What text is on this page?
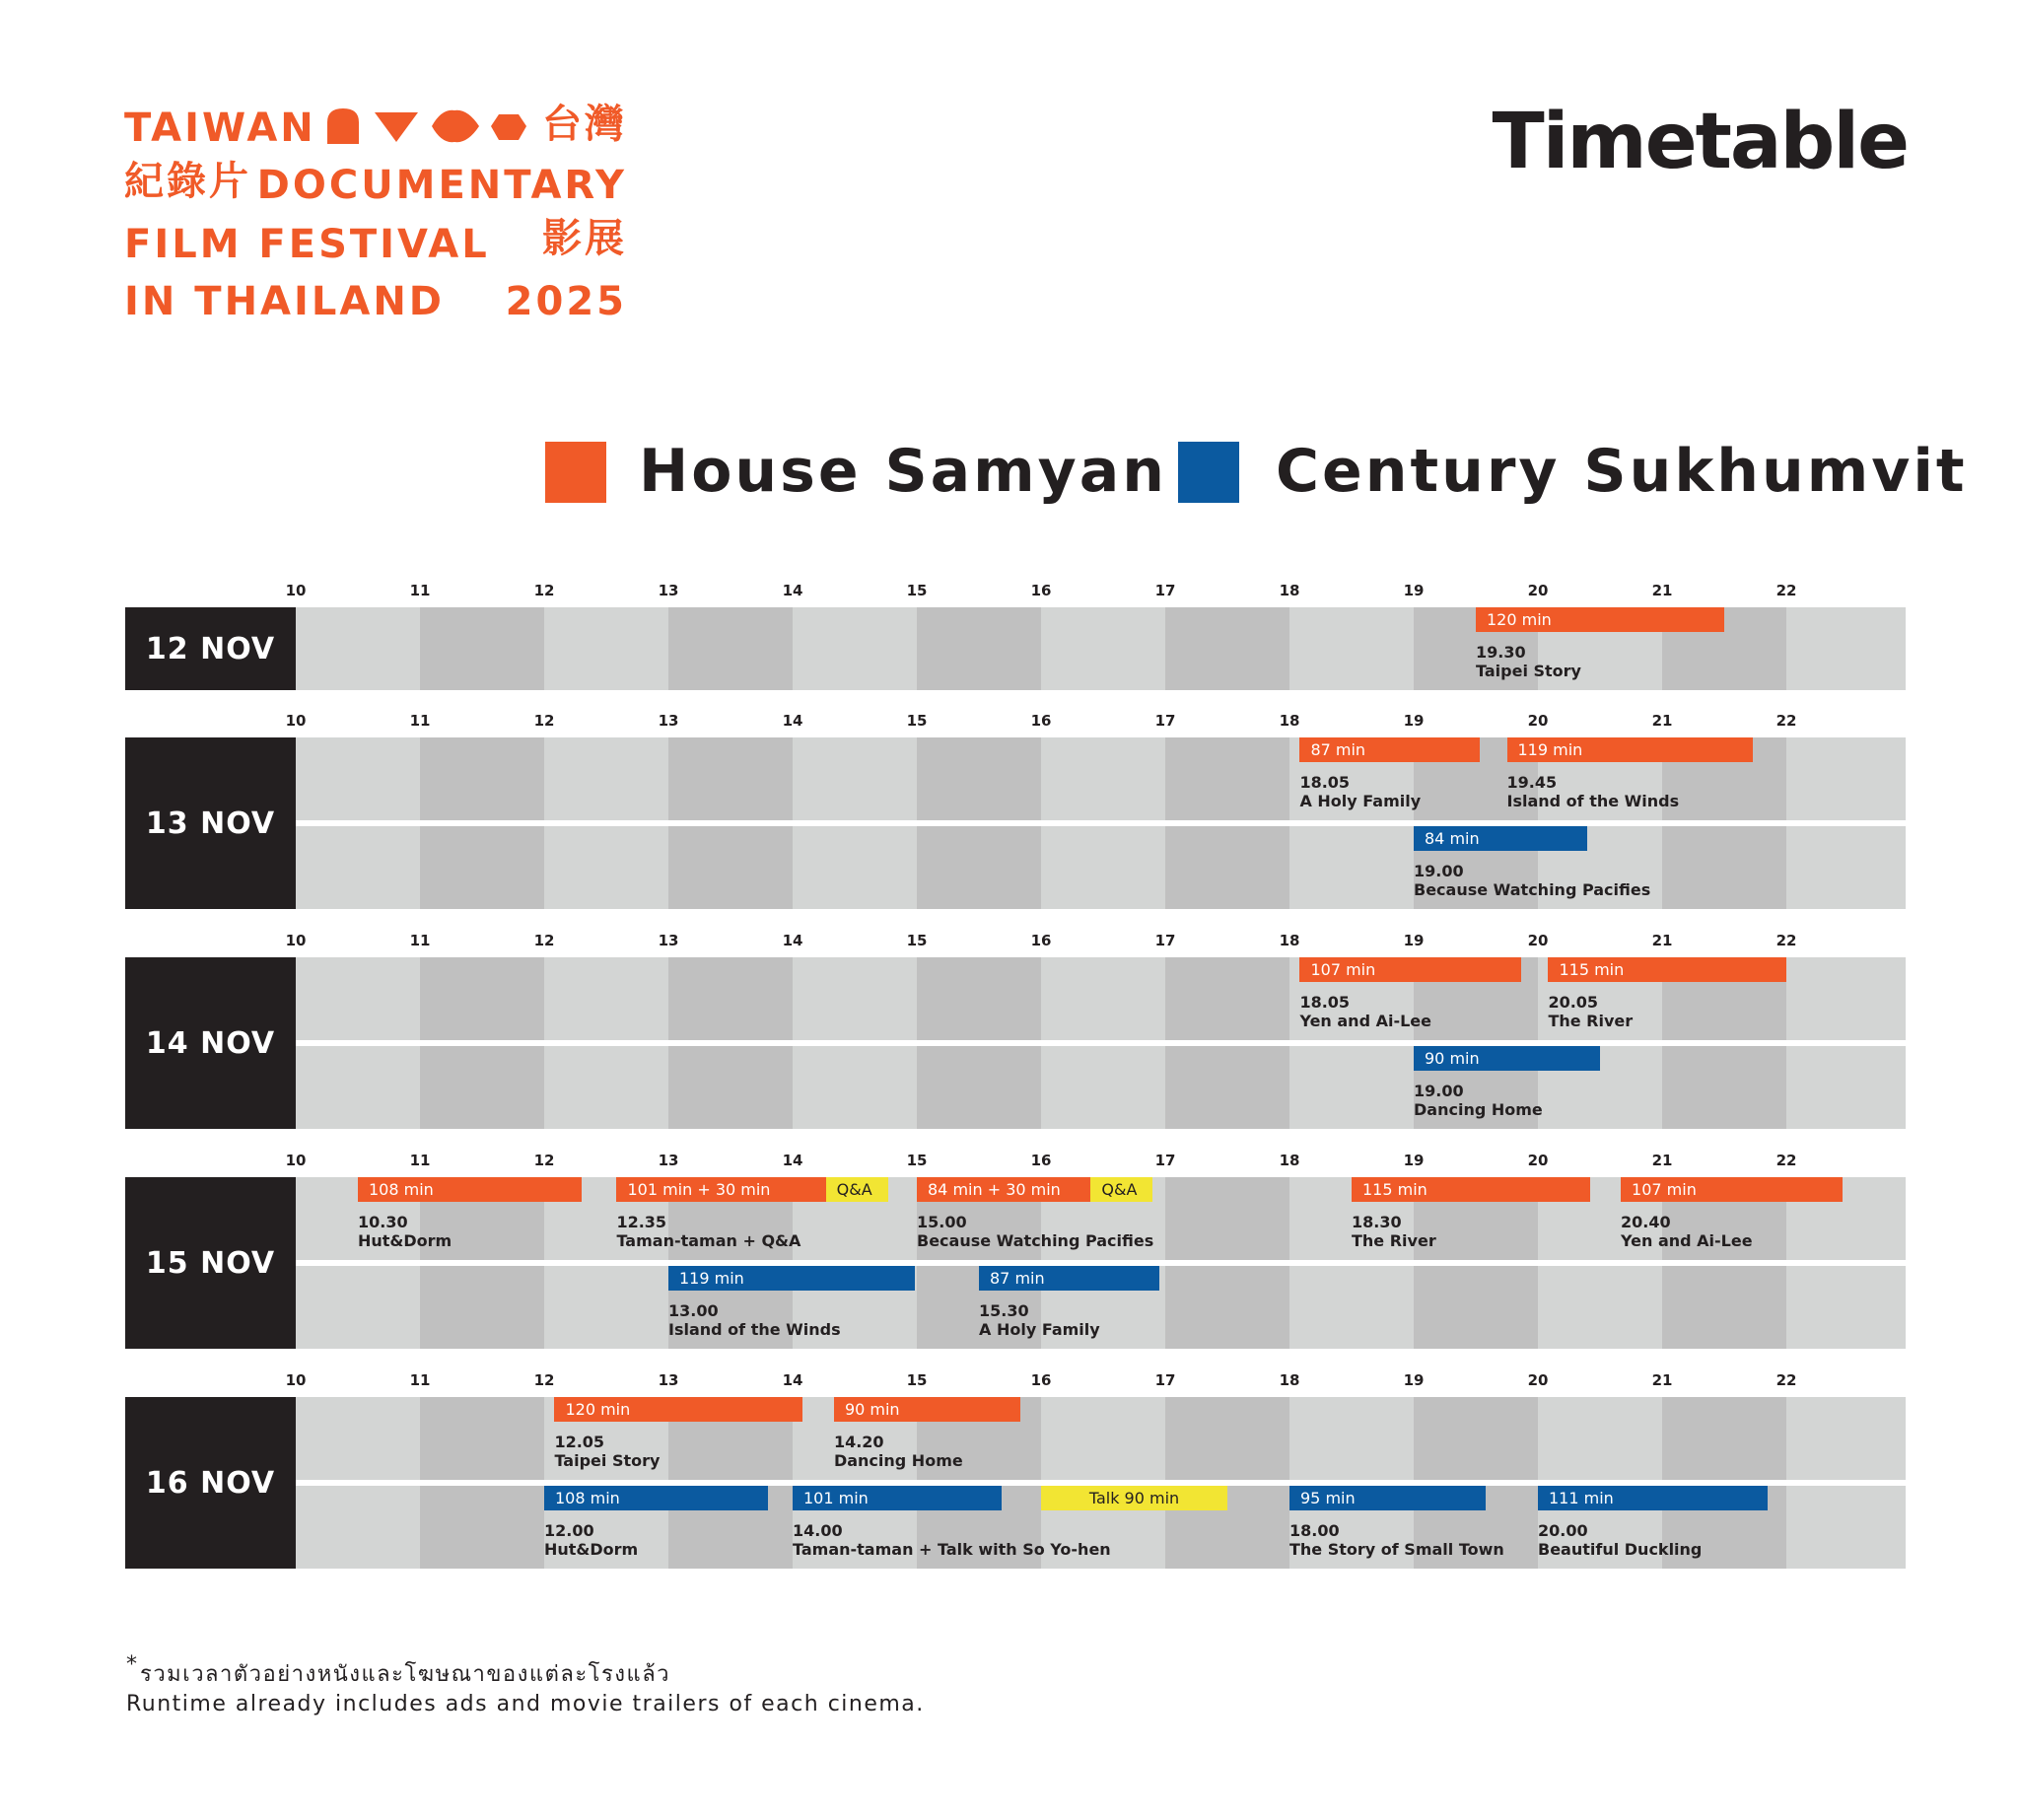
TAIWAN	台灣
紀錄片 DOCUMENTARY
FILM FESTIVAL 影展
IN THAILAND 2025
Timetable
House Samyan Century Sukhumvit
10	11	12	13	14	15	16	17	18	19	20	21	22
12 NOV
120 min
19.30
Taipei Story
10	11	12	13	14	15	16	17	18	19	20	21	22
13 NOV
87 min
18.05
A Holy Family
119 min
19.45
Island of the Winds
84 min
19.00
Because Watching Pacifies
10	11	12	13	14	15	16	17	18	19	20	21	22
14 NOV
107 min
18.05
Yen and Ai-Lee
115 min
20.05
The River
90 min
19.00
Dancing Home
10	11	12	13	14	15	16	17	18	19	20	21	22
15 NOV
108 min
10.30
Hut&Dorm
101 min + 30 min
12.35
Taman-taman + Q&A
Q&A	84 min + 30 min
15.00
Because Watching Pacifies
Q&A	115 min
18.30
The River
107 min
20.40
Yen and Ai-Lee
119 min
13.00
Island of the Winds
87 min
15.30
A Holy Family
10	11	12	13	14	15	16	17	18	19	20	21	22
16 NOV
120 min
12.05
Taipei Story
90 min
14.20
Dancing Home
108 min
12.00
Hut&Dorm
101 min
14.00
Taman-taman + Talk with So Yo-hen
Talk 90 min	95 min
18.00
The Story of Small Town
111 min
20.00
Beautiful Duckling
* รวมเวลาตัวอย่างหนังและโฆษณาของแต่ละโรงแล้ว
Runtime already includes ads and movie trailers of each cinema.
